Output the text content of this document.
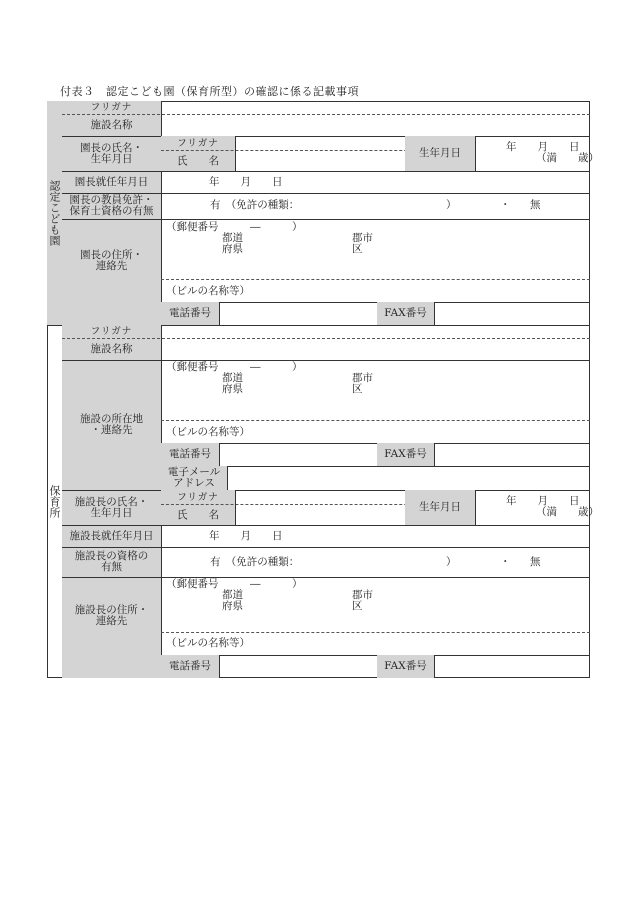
付表３　認定こども園（保育所型）の確認に係る記載事項
認定こども園
フリガナ
施設名称
園長の氏名・
生年月日
フリガナ
氏　　名
生年月日	年　　月　　日
（満　　歳）
園長就任年月日	年　　月　　日
園長の教員免許・
保育士資格の有無	有　（免許の種類：	）	・ 無
園長の住所・
連絡先
（郵便番号　　　―　　　）
都道
府県
郡市
区
（ビルの名称等）
電話番号	FAX番号
保育所
フリガナ
施設名称
施設の所在地
・連絡先
（郵便番号　　　―　　　）
都道
府県
郡市
区
（ビルの名称等）
電話番号	FAX番号
電子メール
アドレス
施設長の氏名・
生年月日
フリガナ
氏　　名
生年月日	年　　月　　日
（満　　歳）
施設長就任年月日	年　　月　　日
施設長の資格の
有無	有　（免許の種類：	）	・ 無
施設長の住所・
連絡先
（郵便番号　　　―　　　）
都道
府県
郡市
区
（ビルの名称等）
電話番号	FAX番号
